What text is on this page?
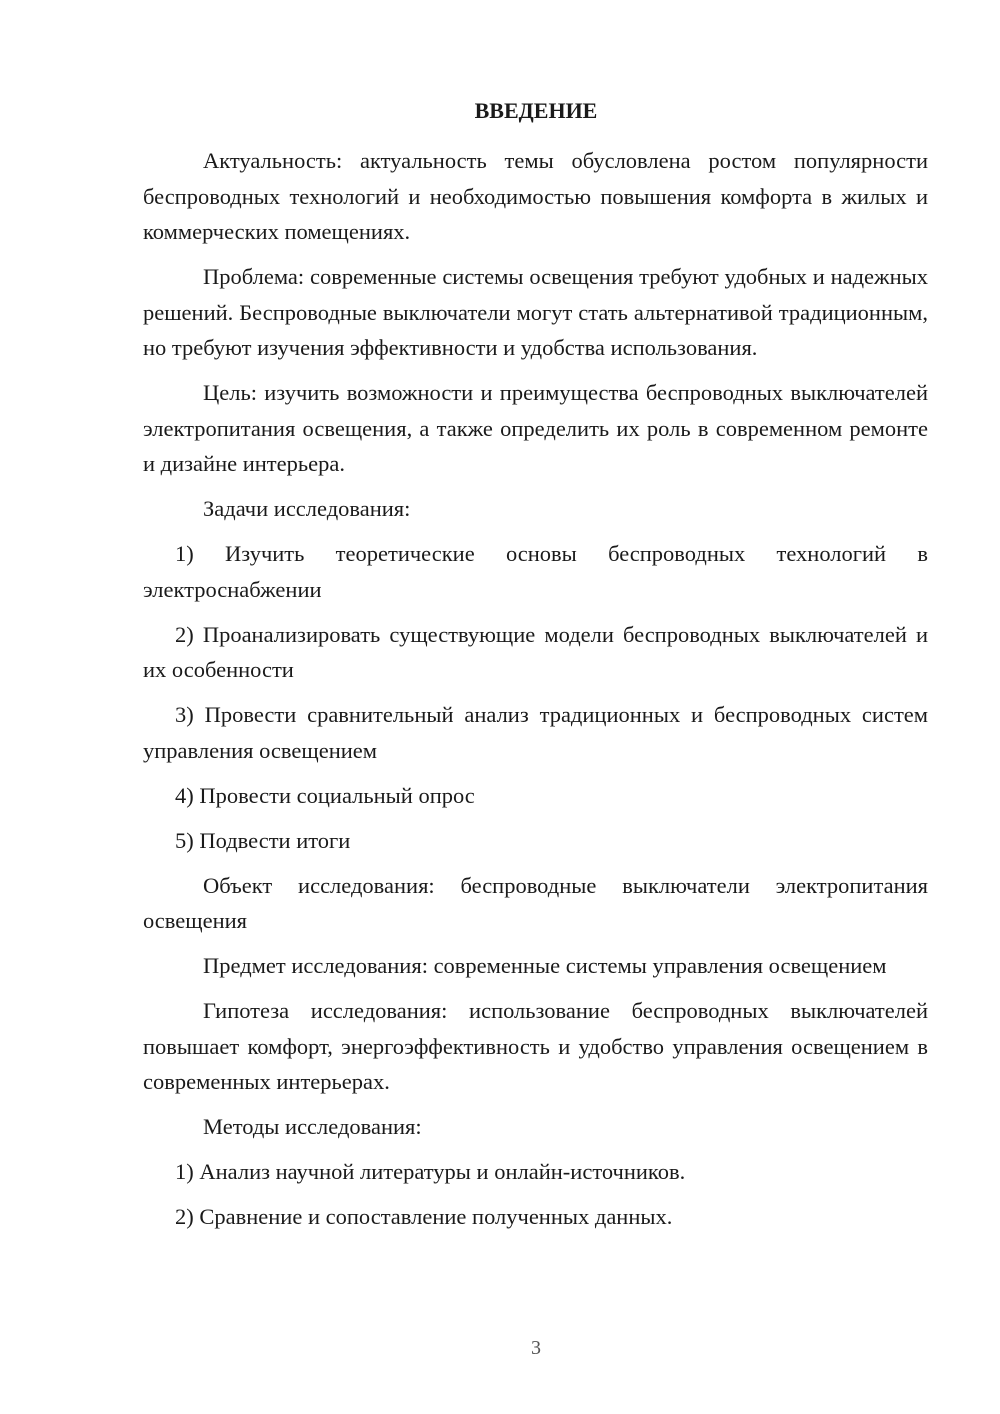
ВВЕДЕНИЕ

Актуальность: актуальность темы обусловлена ростом популярности беспроводных технологий и необходимостью повышения комфорта в жилых и коммерческих помещениях.

Проблема: современные системы освещения требуют удобных и надежных решений. Беспроводные выключатели могут стать альтернативой традиционным, но требуют изучения эффективности и удобства использования.

Цель: изучить возможности и преимущества беспроводных выключателей электропитания освещения, а также определить их роль в современном ремонте и дизайне интерьера.

Задачи исследования:

1) Изучить теоретические основы беспроводных технологий в электроснабжении

2) Проанализировать существующие модели беспроводных выключателей и их особенности

3) Провести сравнительный анализ традиционных и беспроводных систем управления освещением

4) Провести социальный опрос

5) Подвести итоги

Объект исследования: беспроводные выключатели электропитания освещения

Предмет исследования: современные системы управления освещением

Гипотеза исследования: использование беспроводных выключателей повышает комфорт, энергоэффективность и удобство управления освещением в современных интерьерах.

Методы исследования:

1) Анализ научной литературы и онлайн-источников.

2) Сравнение и сопоставление полученных данных.

3
